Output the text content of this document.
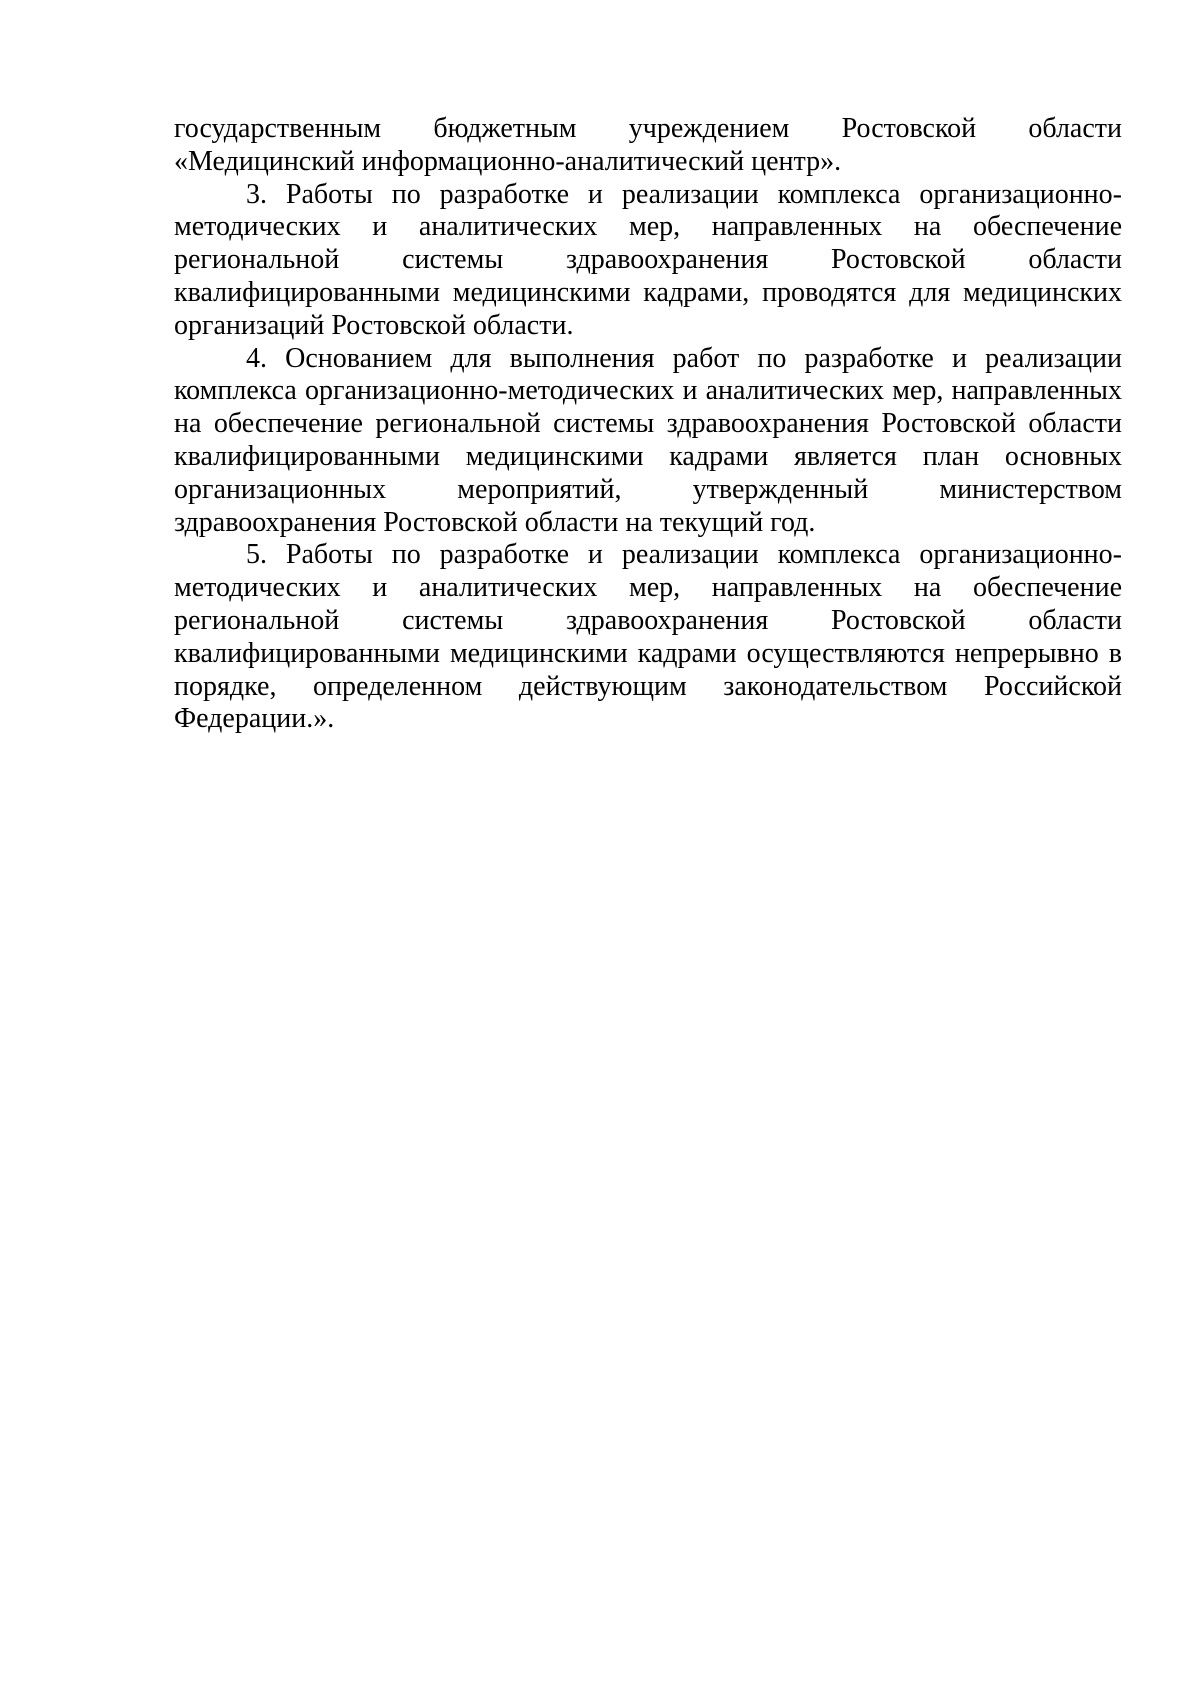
государственным бюджетным учреждением Ростовской области «Медицинский информационно-аналитический центр».

3. Работы по разработке и реализации комплекса организационно-методических и аналитических мер, направленных на обеспечение региональной системы здравоохранения Ростовской области квалифицированными медицинскими кадрами, проводятся для медицинских организаций Ростовской области.

4. Основанием для выполнения работ по разработке и реализации комплекса организационно-методических и аналитических мер, направленных на обеспечение региональной системы здравоохранения Ростовской области квалифицированными медицинскими кадрами является план основных организационных мероприятий, утвержденный министерством здравоохранения Ростовской области на текущий год.

5. Работы по разработке и реализации комплекса организационно-методических и аналитических мер, направленных на обеспечение региональной системы здравоохранения Ростовской области квалифицированными медицинскими кадрами осуществляются непрерывно в порядке, определенном действующим законодательством Российской Федерации.».
